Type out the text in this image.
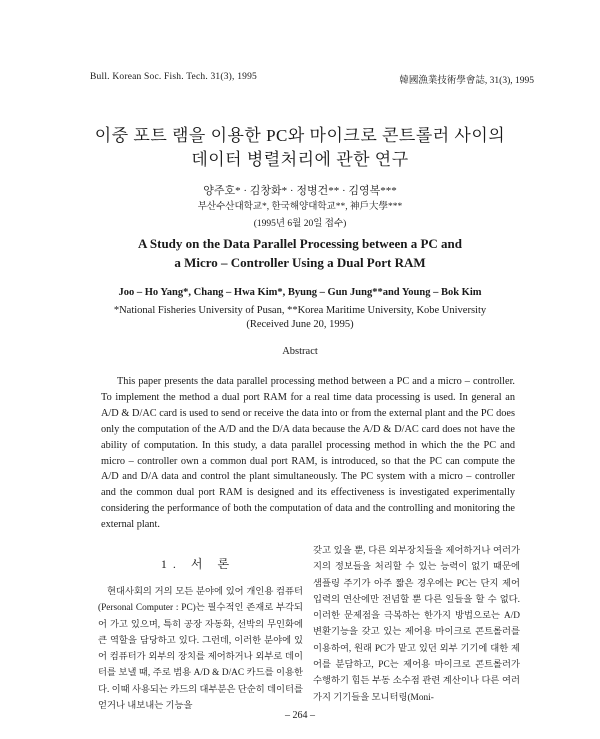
Bull. Korean Soc. Fish. Tech. 31(3), 1995	韓國漁業技術學會誌, 31(3), 1995
이중 포트 램을 이용한 PC와 마이크로 콘트롤러 사이의
데이터 병렬처리에 관한 연구
양주호* · 김창화* · 정병건** · 김영복***
부산수산대학교*, 한국해양대학교**, 神戶大學***
(1995년 6월 20일 접수)
A Study on the Data Parallel Processing between a PC and
a Micro – Controller Using a Dual Port RAM
Joo – Ho Yang*, Chang – Hwa Kim*, Byung – Gun Jung**and Young – Bok Kim
*National Fisheries University of Pusan, **Korea Maritime University, Kobe University
(Received June 20, 1995)
Abstract

This paper presents the data parallel processing method between a PC and a micro – controller. To implement the method a dual port RAM for a real time data processing is used. In general an A/D & D/AC card is used to send or receive the data into or from the external plant and the PC does only the computation of the A/D and the D/A data because the A/D & D/AC card does not have the ability of computation. In this study, a data parallel processing method in which the the PC and micro – controller own a common dual port RAM, is introduced, so that the PC can compute the A/D and D/A data and control the plant simultaneously. The PC system with a micro – controller and the common dual port RAM is designed and its effectiveness is investigated experimentally considering the performance of both the computation of data and the controlling and monitoring the external plant.

1. 서 론

현대사회의 거의 모든 분야에 있어 개인용 컴퓨터(Personal Computer : PC)는 필수적인 존재로 부각되어 가고 있으며, 특히 공장 자동화, 선박의 무인화에 큰 역할을 담당하고 있다. 그런데, 이러한 분야에 있어 컴퓨터가 외부의 장치를 제어하거나 외부로 데이터를 보낼 때, 주로 범용 A/D & D/AC 카드를 이용한다. 이때 사용되는 카드의 대부분은 단순히 데이터를 얻거나 내보내는 기능을

갖고 있을 뿐, 다른 외부장치들을 제어하거나 여러가지의 정보들을 처리할 수 있는 능력이 없기 때문에 샘플링 주기가 아주 짧은 경우에는 PC는 단지 제어입력의 연산에만 전념할 뿐 다른 일들을 할 수 없다. 이러한 문제점을 극복하는 한가지 방법으로는 A/D 변환기능을 갖고 있는 제어용 마이크로 콘트롤러를 이용하여, 원래 PC가 맡고 있던 외부 기기에 대한 제어를 분담하고, PC는 제어용 마이크로 콘트롤러가 수행하기 힘든 부동 소수점 관련 계산이나 다른 여러 가지 기기들을 모니터링(Moni-

– 264 –
